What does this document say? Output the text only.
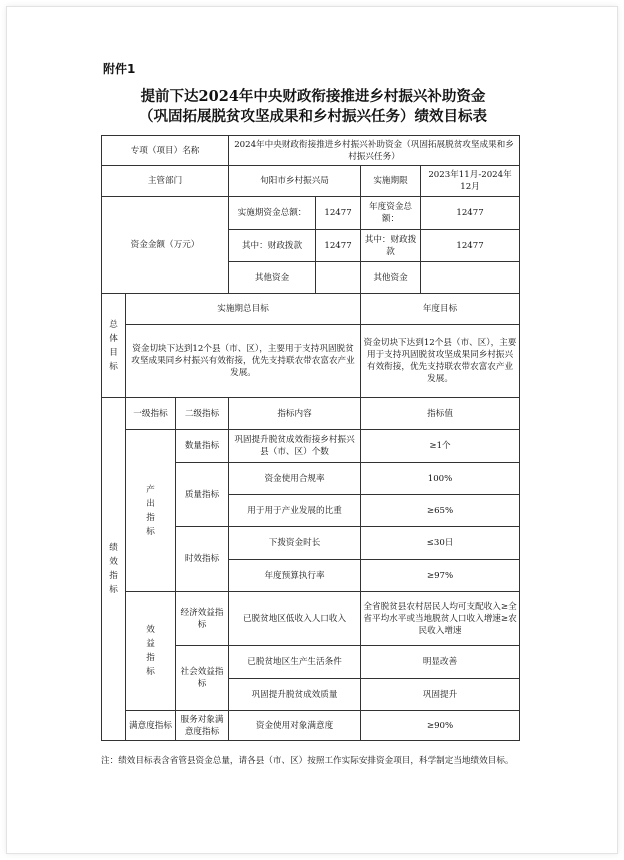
附件1
提前下达2024年中央财政衔接推进乡村振兴补助资金
（巩固拓展脱贫攻坚成果和乡村振兴任务）绩效目标表
专项（项目）名称			2024年中央财政衔接推进乡村振兴补助资金（巩固拓展脱贫攻坚成果和乡村振兴任务）			
主管部门			旬阳市乡村振兴局		实施期限	2023年11月-2024年12月
资金金额（万元）			实施期资金总额：	12477	年度资金总额：	12477
			其中：财政拨款	12477	其中：财政拨款	12477
			其他资金		其他资金	

总体目标	实施期总目标				年度目标	
	资金切块下达到12个县（市、区），主要用于支持巩固脱贫攻坚成果同乡村振兴有效衔接，优先支持联农带农富农产业发展。				资金切块下达到12个县（市、区），主要用于支持巩固脱贫攻坚成果同乡村振兴有效衔接，优先支持联农带农富农产业发展。	

绩效指标	一级指标	二级指标	指标内容		指标值	

	产出指标	数量指标	巩固提升脱贫成效衔接乡村振兴县（市、区）个数		≥1个	
		质量指标	资金使用合规率		100%	
			用于用于产业发展的比重		≥65%	
		时效指标	下拨资金时长		≤30日	
			年度预算执行率		≥97%	

	效益指标	经济效益指标	已脱贫地区低收入人口收入		全省脱贫县农村居民人均可支配收入≥全省平均水平或当地脱贫人口收入增速≥农民收入增速	
		社会效益指标	已脱贫地区生产生活条件		明显改善	
			巩固提升脱贫成效质量		巩固提升	
	满意度指标	服务对象满意度指标	资金使用对象满意度		≥90%	
注：绩效目标表含省管县资金总量，请各县（市、区）按照工作实际安排资金项目，科学制定当地绩效目标。
